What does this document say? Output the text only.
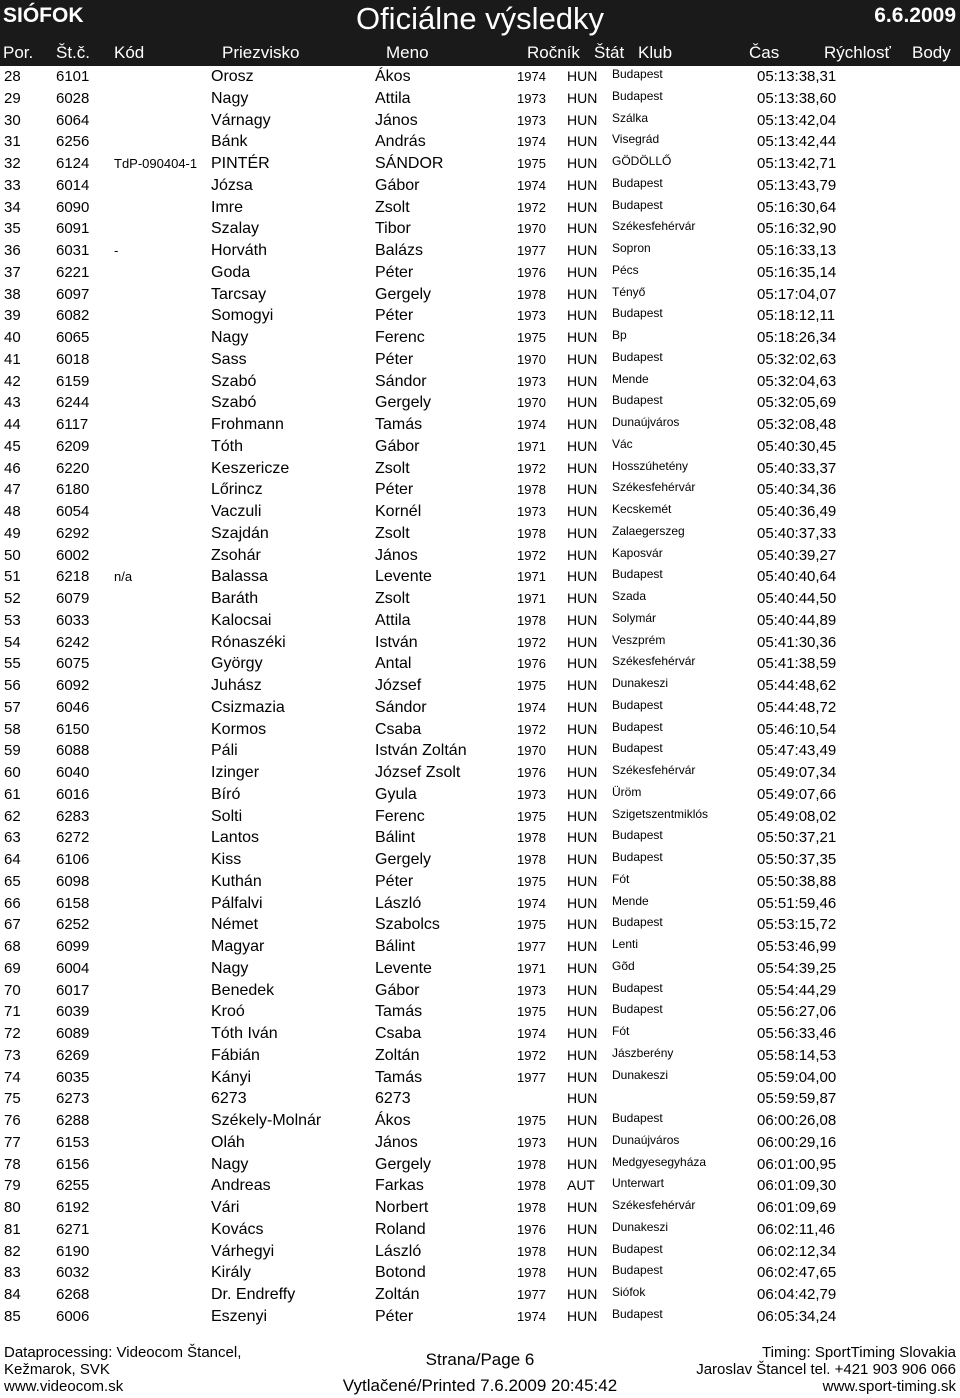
SIÓFOK	Oficiálne výsledky	6.6.2009
Por. Št.č. Kód	Priezvisko	Meno	Ročník Štát Klub	Čas	Rýchlosť Body
28 6101	Orosz	Ákos	1974 HUN Budapest	05:13:38,31
29 6028	Nagy	Attila	1973 HUN Budapest	05:13:38,60
30 6064	Várnagy	János	1973 HUN Szálka	05:13:42,04
31 6256	Bánk	András	1974 HUN Visegrád	05:13:42,44
32 6124 TdP-090404-1 PINTÉR	SÁNDOR	1975 HUN GÖDÖLLŐ	05:13:42,71
33 6014	Józsa	Gábor	1974 HUN Budapest	05:13:43,79
34 6090	Imre	Zsolt	1972 HUN Budapest	05:16:30,64
35 6091	Szalay	Tibor	1970 HUN Székesfehérvár	05:16:32,90
36 6031 -	Horváth	Balázs	1977 HUN Sopron	05:16:33,13
37 6221	Goda	Péter	1976 HUN Pécs	05:16:35,14
38 6097	Tarcsay	Gergely	1978 HUN Tényő	05:17:04,07
39 6082	Somogyi	Péter	1973 HUN Budapest	05:18:12,11
40 6065	Nagy	Ferenc	1975 HUN Bp	05:18:26,34
41 6018	Sass	Péter	1970 HUN Budapest	05:32:02,63
42 6159	Szabó	Sándor	1973 HUN Mende	05:32:04,63
43 6244	Szabó	Gergely	1970 HUN Budapest	05:32:05,69
44 6117	Frohmann	Tamás	1974 HUN Dunaújváros	05:32:08,48
45 6209	Tóth	Gábor	1971 HUN Vác	05:40:30,45
46 6220	Keszericze	Zsolt	1972 HUN Hosszúhetény	05:40:33,37
47 6180	Lőrincz	Péter	1978 HUN Székesfehérvár	05:40:34,36
48 6054	Vaczuli	Kornél	1973 HUN Kecskemét	05:40:36,49
49 6292	Szajdán	Zsolt	1978 HUN Zalaegerszeg	05:40:37,33
50 6002	Zsohár	János	1972 HUN Kaposvár	05:40:39,27
51 6218 n/a	Balassa	Levente	1971 HUN Budapest	05:40:40,64
52 6079	Baráth	Zsolt	1971 HUN Szada	05:40:44,50
53 6033	Kalocsai	Attila	1978 HUN Solymár	05:40:44,89
54 6242	Rónaszéki	István	1972 HUN Veszprém	05:41:30,36
55 6075	György	Antal	1976 HUN Székesfehérvár	05:41:38,59
56 6092	Juhász	József	1975 HUN Dunakeszi	05:44:48,62
57 6046	Csizmazia	Sándor	1974 HUN Budapest	05:44:48,72
58 6150	Kormos	Csaba	1972 HUN Budapest	05:46:10,54
59 6088	Páli	István Zoltán	1970 HUN Budapest	05:47:43,49
60 6040	Izinger	József Zsolt	1976 HUN Székesfehérvár	05:49:07,34
61 6016	Bíró	Gyula	1973 HUN Üröm	05:49:07,66
62 6283	Solti	Ferenc	1975 HUN Szigetszentmiklós	05:49:08,02
63 6272	Lantos	Bálint	1978 HUN Budapest	05:50:37,21
64 6106	Kiss	Gergely	1978 HUN Budapest	05:50:37,35
65 6098	Kuthán	Péter	1975 HUN Fót	05:50:38,88
66 6158	Pálfalvi	László	1974 HUN Mende	05:51:59,46
67 6252	Német	Szabolcs	1975 HUN Budapest	05:53:15,72
68 6099	Magyar	Bálint	1977 HUN Lenti	05:53:46,99
69 6004	Nagy	Levente	1971 HUN Gõd	05:54:39,25
70 6017	Benedek	Gábor	1973 HUN Budapest	05:54:44,29
71 6039	Kroó	Tamás	1975 HUN Budapest	05:56:27,06
72 6089	Tóth Iván	Csaba	1974 HUN Fót	05:56:33,46
73 6269	Fábián	Zoltán	1972 HUN Jászberény	05:58:14,53
74 6035	Kányi	Tamás	1977 HUN Dunakeszi	05:59:04,00
75 6273	6273	6273	HUN	05:59:59,87
76 6288	Székely-Molnár	Ákos	1975 HUN Budapest	06:00:26,08
77 6153	Oláh	János	1973 HUN Dunaújváros	06:00:29,16
78 6156	Nagy	Gergely	1978 HUN Medgyesegyháza	06:01:00,95
79 6255	Andreas	Farkas	1978 AUT Unterwart	06:01:09,30
80 6192	Vári	Norbert	1978 HUN Székesfehérvár	06:01:09,69
81 6271	Kovács	Roland	1976 HUN Dunakeszi	06:02:11,46
82 6190	Várhegyi	László	1978 HUN Budapest	06:02:12,34
83 6032	Király	Botond	1978 HUN Budapest	06:02:47,65
84 6268	Dr. Endreffy	Zoltán	1977 HUN Siófok	06:04:42,79
85 6006	Eszenyi	Péter	1974 HUN Budapest	06:05:34,24
Dataprocessing: Videocom Štancel,
Kežmarok, SVK
www.videocom.sk
Strana/Page 6
Vytlačené/Printed 7.6.2009 20:45:42
Timing: SportTiming Slovakia
Jaroslav Štancel tel. +421 903 906 066
www.sport-timing.sk
